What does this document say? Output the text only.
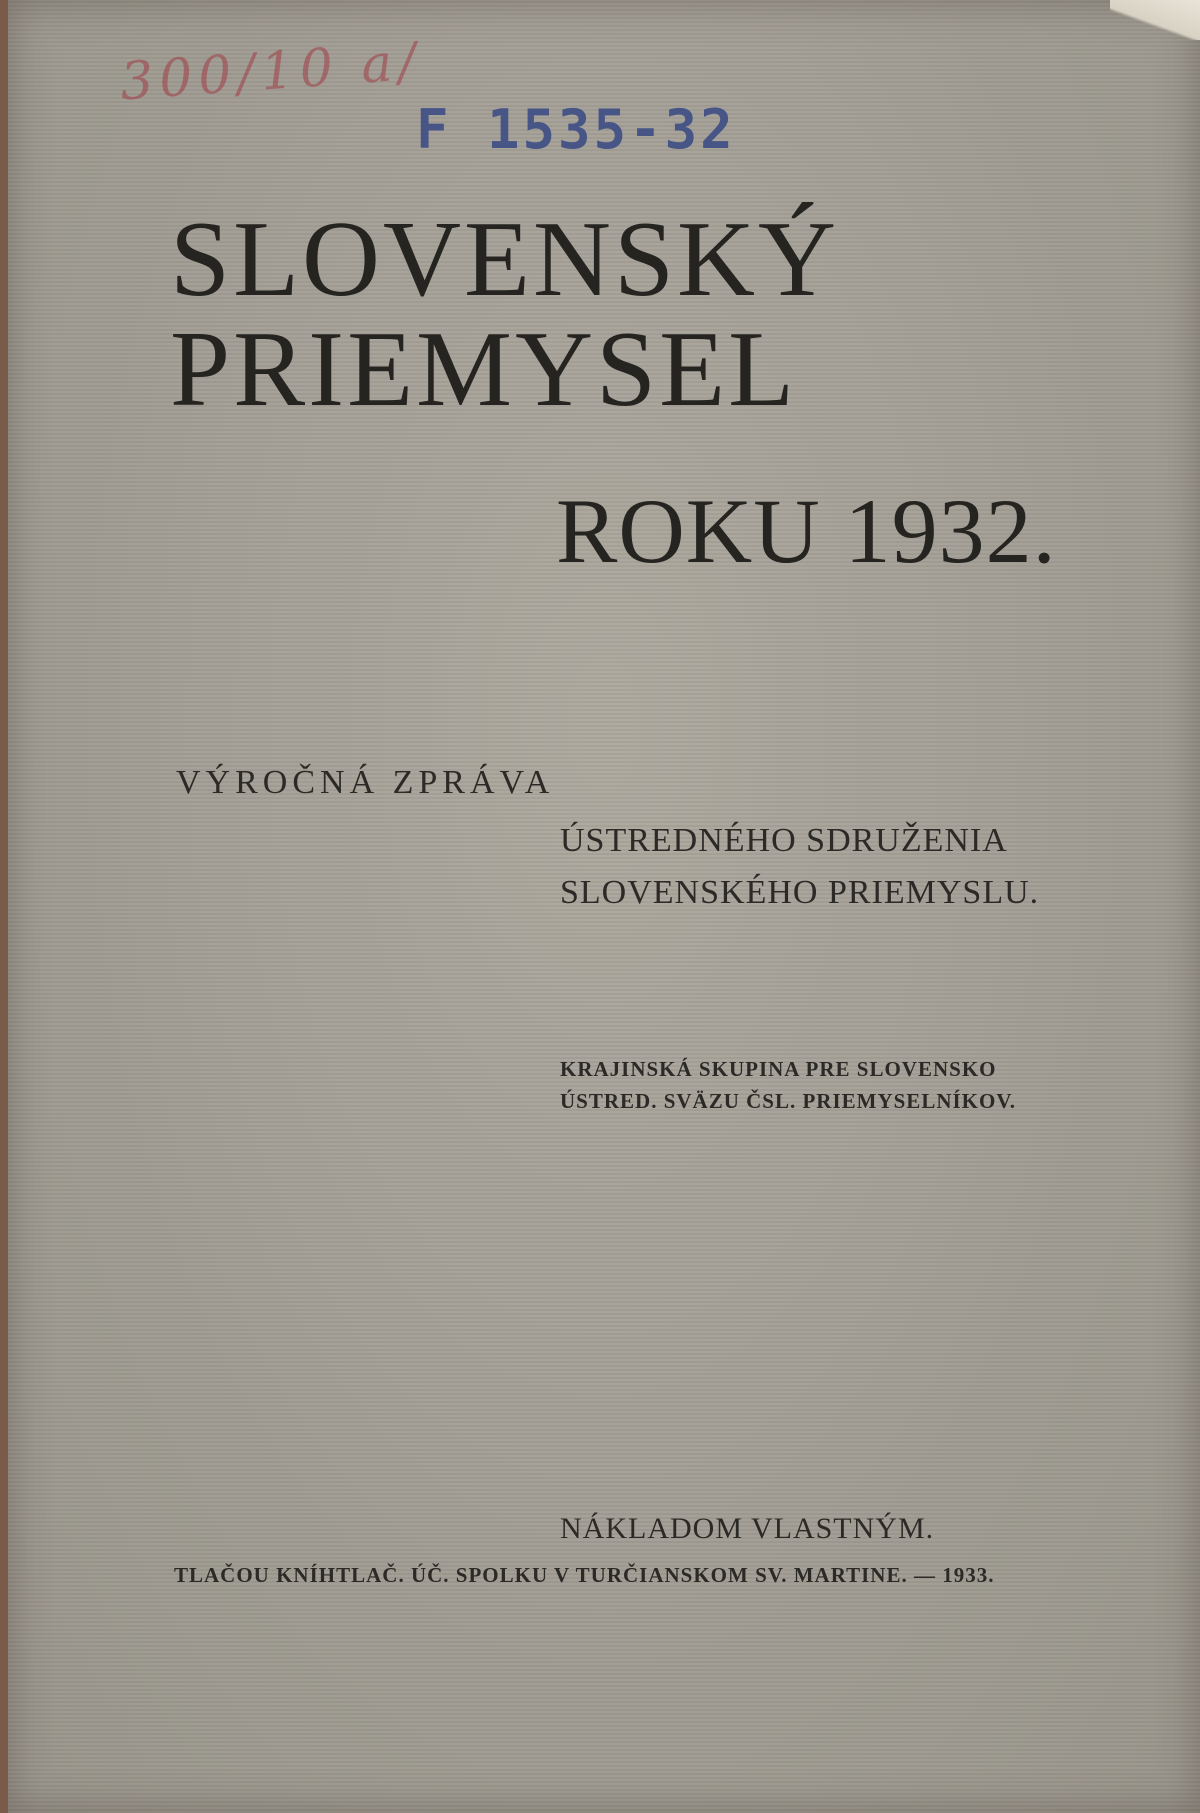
300/10 a/
F 1535-32
SLOVENSKÝ
PRIEMYSEL
ROKU 1932.
VÝROČNÁ ZPRÁVA
ÚSTREDNÉHO SDRUŽENIA
SLOVENSKÉHO PRIEMYSLU.
KRAJINSKÁ SKUPINA PRE SLOVENSKO
ÚSTRED. SVÄZU ČSL. PRIEMYSELNÍKOV.
NÁKLADOM VLASTNÝM.
TLAČOU KNÍHTLAČ. ÚČ. SPOLKU V TURČIANSKOM SV. MARTINE. — 1933.
